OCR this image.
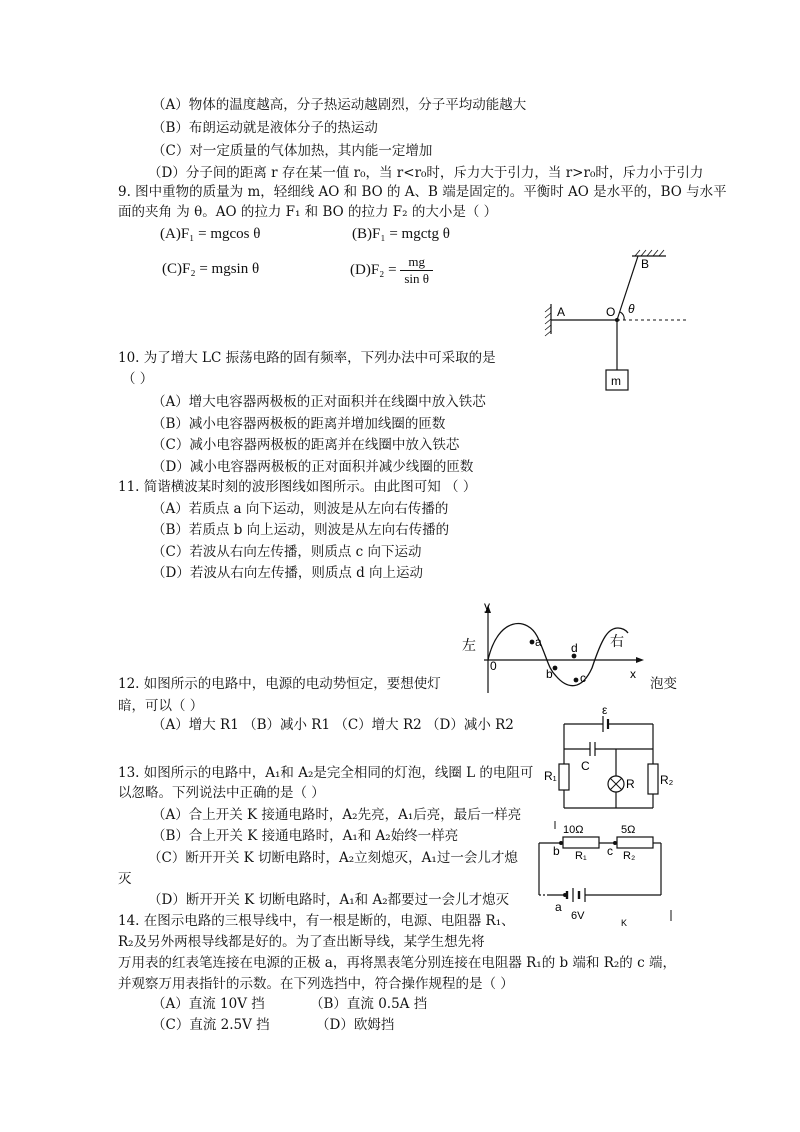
（A）物体的温度越高，分子热运动越剧烈，分子平均动能越大
（B）布朗运动就是液体分子的热运动
（C）对一定质量的气体加热，其内能一定增加
（D）分子间的距离 r 存在某一值 r₀，当 r<r₀时，斥力大于引力，当 r>r₀时，斥力小于引力
9. 图中重物的质量为 m，轻细线 AO 和 BO 的 A、B 端是固定的。平衡时 AO 是水平的，BO 与水平
面的夹角 为 θ。AO 的拉力 F₁ 和 BO 的拉力 F₂ 的大小是（ ）
(A)F₁ = mgcos θ	(B)F₁ = mgctg θ
(C)F₂ = mgsin θ	$(D)F_2 = \frac{mg}{\text{sin θ}}$
A	O
B
θ
m
10. 为了增大 LC 振荡电路的固有频率，下列办法中可采取的是
（ ）
（A）增大电容器两极板的正对面积并在线圈中放入铁芯
（B）减小电容器两极板的距离并增加线圈的匝数
（C）减小电容器两极板的距离并在线圈中放入铁芯
（D）减小电容器两极板的正对面积并减少线圈的匝数
11. 简谐横波某时刻的波形图线如图所示。由此图可知 （ ）
（A）若质点 a 向下运动，则波是从左向右传播的
（B）若质点 b 向上运动，则波是从左向右传播的
（C）若波从右向左传播，则质点 c 向下运动
（D）若波从右向左传播，则质点 d 向上运动
y
x
0
左	右
a
b
d
c
12. 如图所示的电路中，电源的电动势恒定，要想使灯	泡变
暗，可以（ ）
（A）增大 R1 （B）减小 R1 （C）增大 R2 （D）减小 R2
ε
C
R₁
R R₂
13. 如图所示的电路中，A₁和 A₂是完全相同的灯泡，线圈 L 的电阻可
以忽略。下列说法中正确的是（ ）
（A）合上开关 K 接通电路时，A₂先亮，A₁后亮，最后一样亮
（B）合上开关 K 接通电路时，A₁和 A₂始终一样亮
（C）断开开关 K 切断电路时，A₂立刻熄灭，A₁过一会儿才熄
灭
（D）断开开关 K 切断电路时，A₁和 A₂都要过一会儿才熄灭
14. 在图示电路的三根导线中，有一根是断的，电源、电阻器 R₁、
R₂及另外两根导线都是好的。为了查出断导线，某学生想先将
万用表的红表笔连接在电源的正极 a，再将黑表笔分别连接在电阻器 R₁的 b 端和 R₂的 c 端，
并观察万用表指针的示数。在下列选挡中，符合操作规程的是（ ）
（A）直流 10V 挡	（B）直流 0.5A 挡
（C）直流 2.5V 挡	（D）欧姆挡
10Ω	5Ω
b	c
R₁	R₂
a
6V
K
